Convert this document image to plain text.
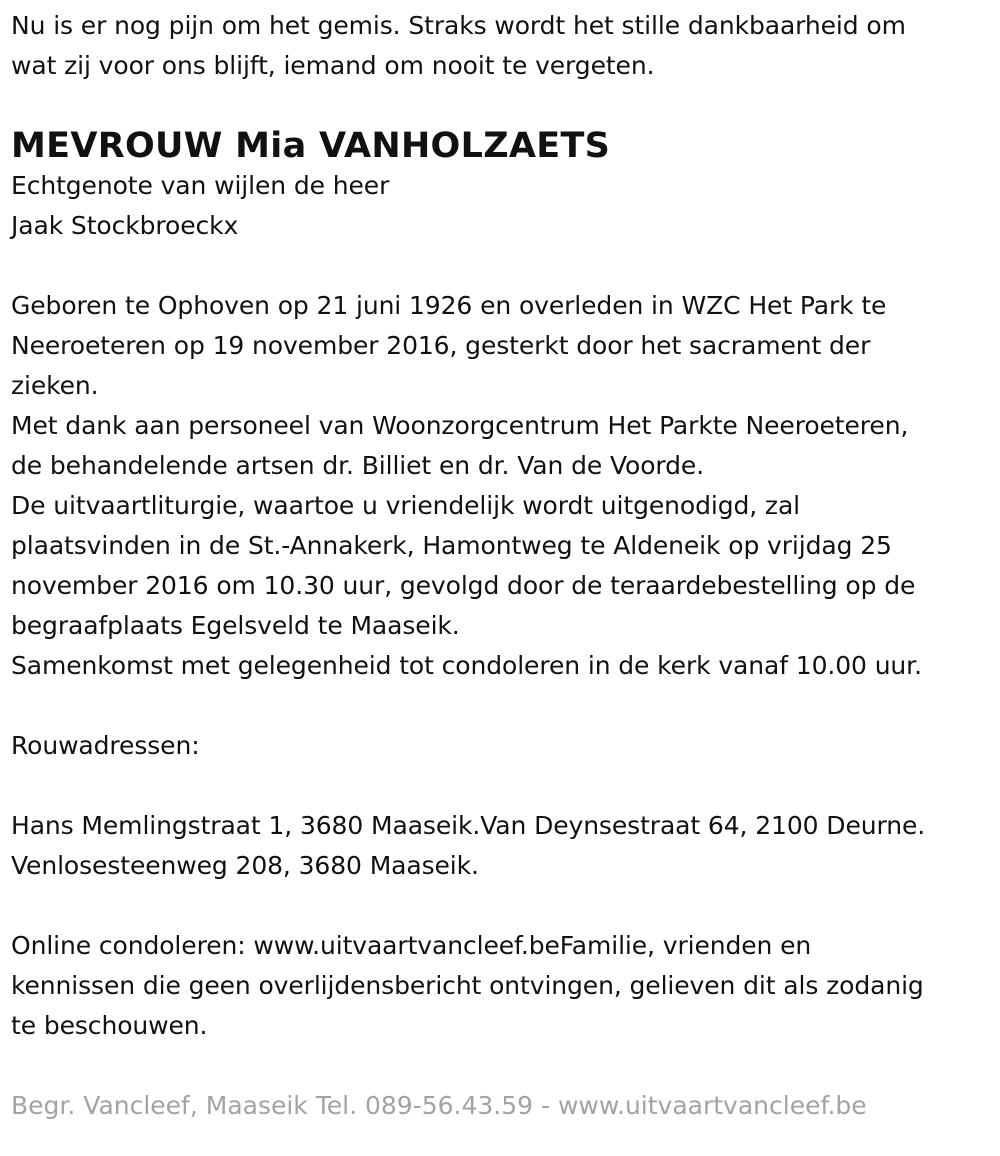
Nu is er nog pijn om het gemis. Straks wordt het stille dankbaarheid om
wat zij voor ons blijft, iemand om nooit te vergeten.
MEVROUW Mia VANHOLZAETS
Echtgenote van wijlen de heer
Jaak Stockbroeckx
Geboren te Ophoven op 21 juni 1926 en overleden in WZC Het Park te
Neeroeteren op 19 november 2016, gesterkt door het sacrament der
zieken.
Met dank aan personeel van Woonzorgcentrum Het Parkte Neeroeteren,
de behandelende artsen dr. Billiet en dr. Van de Voorde.
De uitvaartliturgie, waartoe u vriendelijk wordt uitgenodigd, zal
plaatsvinden in de St.-Annakerk, Hamontweg te Aldeneik op vrijdag 25
november 2016 om 10.30 uur, gevolgd door de teraardebestelling op de
begraafplaats Egelsveld te Maaseik.
Samenkomst met gelegenheid tot condoleren in de kerk vanaf 10.00 uur.
Rouwadressen:
Hans Memlingstraat 1, 3680 Maaseik.Van Deynsestraat 64, 2100 Deurne.
Venlosesteenweg 208, 3680 Maaseik.
Online condoleren: www.uitvaartvancleef.beFamilie, vrienden en
kennissen die geen overlijdensbericht ontvingen, gelieven dit als zodanig
te beschouwen.
Begr. Vancleef, Maaseik Tel. 089-56.43.59 - www.uitvaartvancleef.be
